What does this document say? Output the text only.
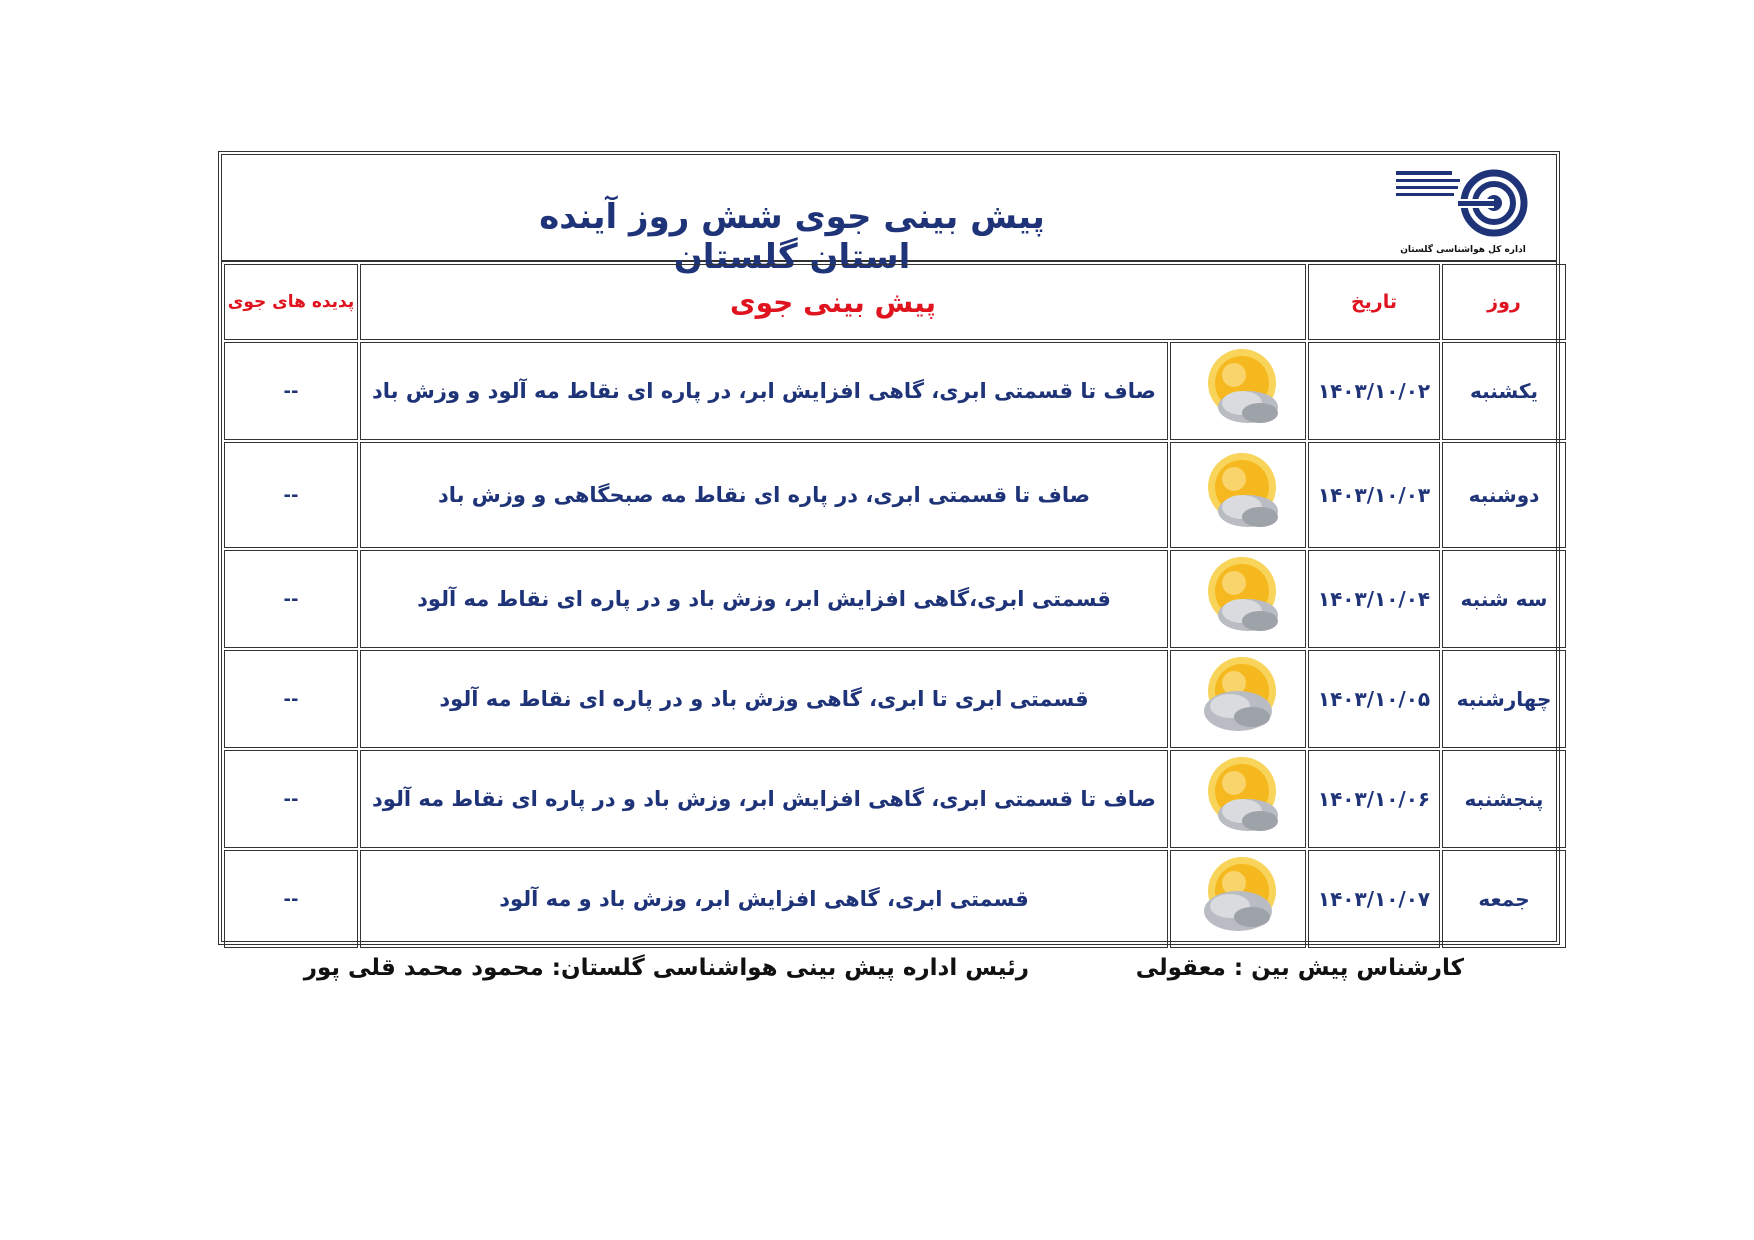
پیش بینی جوی شش روز آینده استان گلستان	اداره کل هواشناسی گلستان
روز	تاریخ	پیش بینی جوی		پدیده های جوی
یکشنبه	۱۴۰۳/۱۰/۰۲		صاف تا قسمتی ابری، گاهی افزایش ابر، در پاره ای نقاط مه آلود و وزش باد	--
دوشنبه	۱۴۰۳/۱۰/۰۳		صاف تا قسمتی ابری، در پاره ای نقاط مه صبحگاهی و وزش باد	--
سه شنبه	۱۴۰۳/۱۰/۰۴		قسمتی ابری،گاهی افزایش ابر، وزش باد و در پاره ای نقاط مه آلود	--
چهارشنبه	۱۴۰۳/۱۰/۰۵		قسمتی ابری تا ابری، گاهی وزش باد و در پاره ای نقاط مه آلود	--
پنجشنبه	۱۴۰۳/۱۰/۰۶		صاف تا قسمتی ابری، گاهی افزایش ابر، وزش باد و در پاره ای نقاط مه آلود	--
جمعه	۱۴۰۳/۱۰/۰۷		قسمتی ابری، گاهی افزایش ابر، وزش باد و مه آلود	--
کارشناس پیش بین : معقولی
رئیس اداره پیش بینی هواشناسی گلستان: محمود محمد قلی پور
